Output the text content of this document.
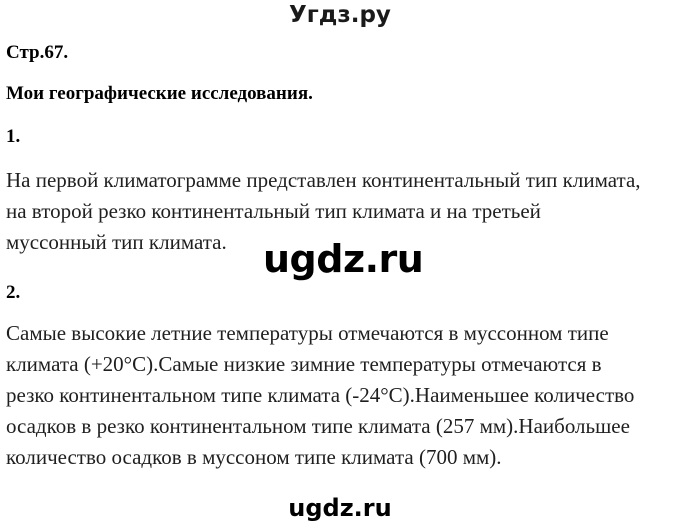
Угдз.ру
Стр.67.
Мои географические исследования.
1.
На первой климатограмме представлен континентальный тип климата,
на второй резко континентальный тип климата и на третьей
муссонный тип климата.
2.
Самые высокие летние температуры отмечаются в муссонном типе
климата (+20°С).Самые низкие зимние температуры отмечаются в
резко континентальном типе климата (-24°С).Наименьшее количество
осадков в резко континентальном типе климата (257 мм).Наибольшее
количество осадков в муссоном типе климата (700 мм).
ugdz.ru
ugdz.ru
